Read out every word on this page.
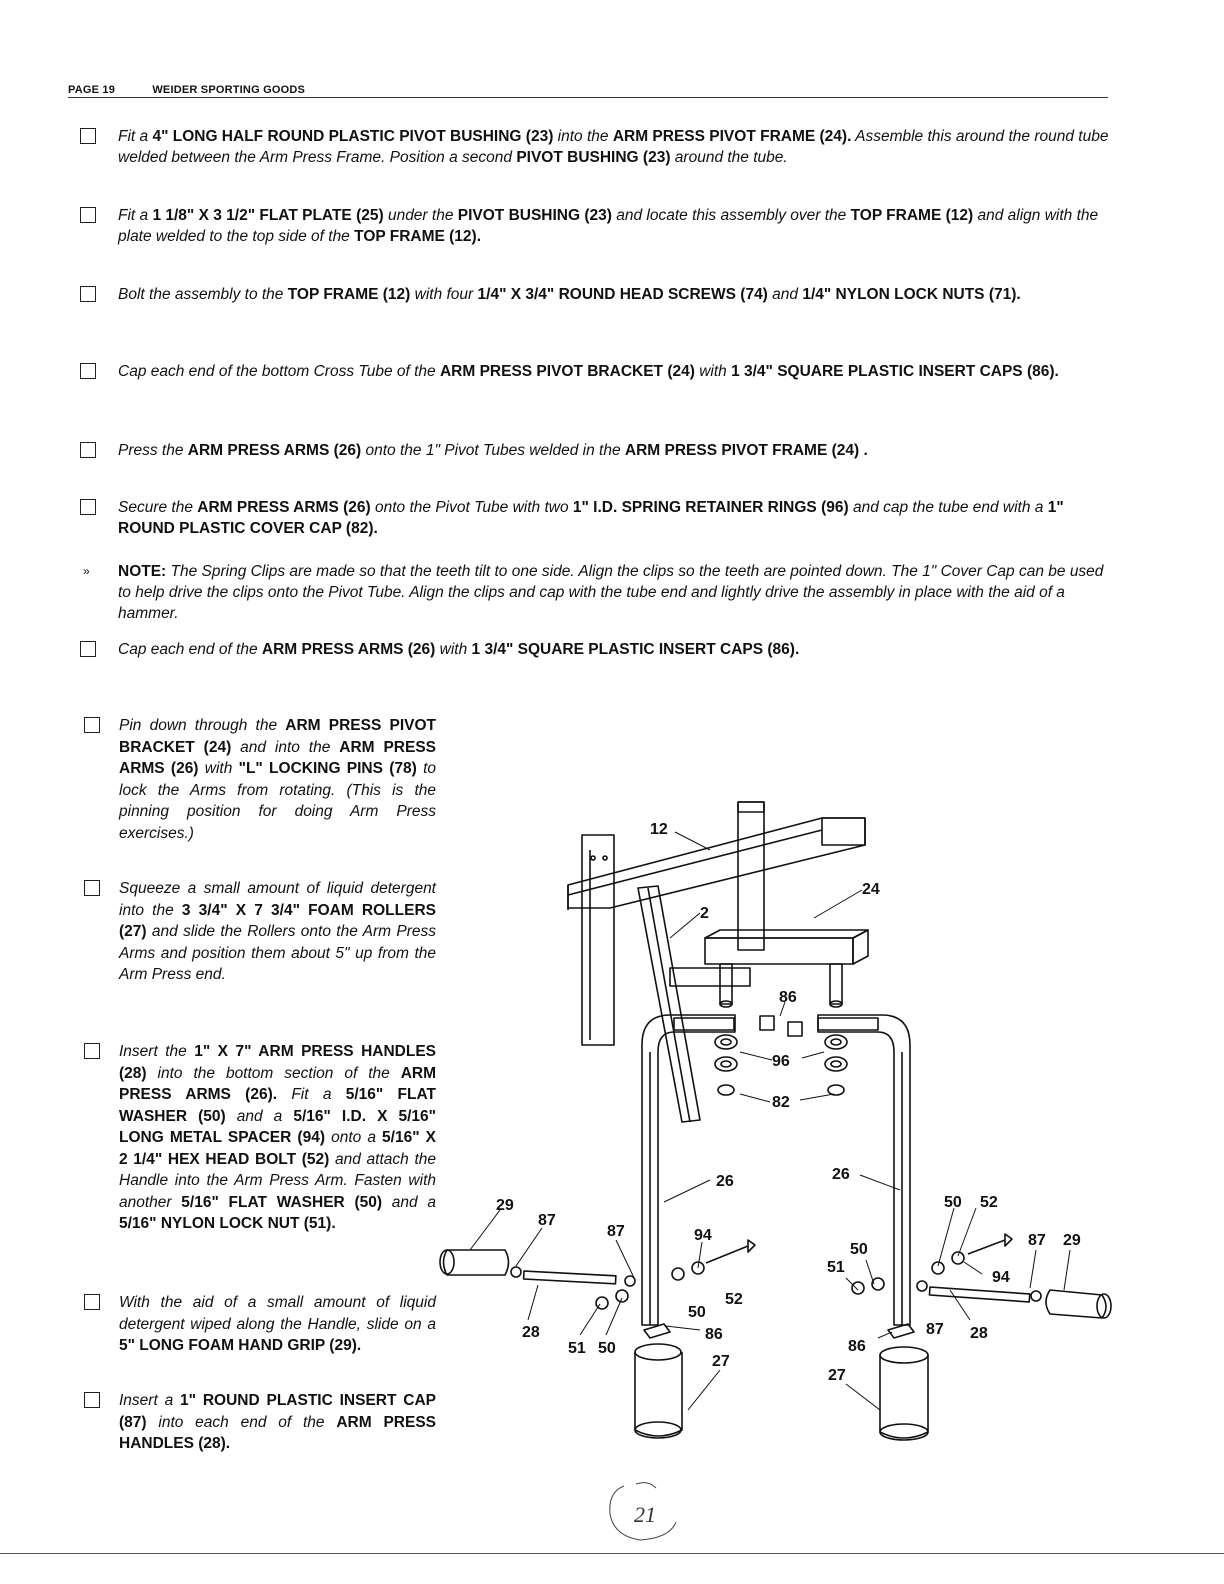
PAGE 19	WEIDER SPORTING GOODS
Fit a 4" LONG HALF ROUND PLASTIC PIVOT BUSHING (23) into the ARM PRESS PIVOT FRAME (24). Assemble this around the round tube welded between the Arm Press Frame. Position a second PIVOT BUSHING (23) around the tube.
Fit a 1 1/8" X 3 1/2" FLAT PLATE (25) under the PIVOT BUSHING (23) and locate this assembly over the TOP FRAME (12) and align with the plate welded to the top side of the TOP FRAME (12).
Bolt the assembly to the TOP FRAME (12) with four 1/4" X 3/4" ROUND HEAD SCREWS (74) and 1/4" NYLON LOCK NUTS (71).
Cap each end of the bottom Cross Tube of the ARM PRESS PIVOT BRACKET (24) with 1 3/4" SQUARE PLASTIC INSERT CAPS (86).
Press the ARM PRESS ARMS (26) onto the 1" Pivot Tubes welded in the ARM PRESS PIVOT FRAME (24) .
Secure the ARM PRESS ARMS (26) onto the Pivot Tube with two 1" I.D. SPRING RETAINER RINGS (96) and cap the tube end with a 1" ROUND PLASTIC COVER CAP (82).
» NOTE: The Spring Clips are made so that the teeth tilt to one side. Align the clips so the teeth are pointed down. The 1" Cover Cap can be used to help drive the clips onto the Pivot Tube. Align the clips and cap with the tube end and lightly drive the assembly in place with the aid of a hammer.
Cap each end of the ARM PRESS ARMS (26) with 1 3/4" SQUARE PLASTIC INSERT CAPS (86).
Pin down through the ARM PRESS PIVOT BRACKET (24) and into the ARM PRESS ARMS (26) with "L" LOCKING PINS (78) to lock the Arms from rotating. (This is the pinning position for doing Arm Press exercises.)
Squeeze a small amount of liquid detergent into the 3 3/4" X 7 3/4" FOAM ROLLERS (27) and slide the Rollers onto the Arm Press Arms and position them about 5" up from the Arm Press end.
Insert the 1" X 7" ARM PRESS HANDLES (28) into the bottom section of the ARM PRESS ARMS (26). Fit a 5/16" FLAT WASHER (50) and a 5/16" I.D. X 5/16" LONG METAL SPACER (94) onto a 5/16" X 2 1/4" HEX HEAD BOLT (52) and attach the Handle into the Arm Press Arm. Fasten with another 5/16" FLAT WASHER (50) and a 5/16" NYLON LOCK NUT (51).
With the aid of a small amount of liquid detergent wiped along the Handle, slide on a 5" LONG FOAM HAND GRIP (29).
Insert a 1" ROUND PLASTIC INSERT CAP (87) into each end of the ARM PRESS HANDLES (28).
12
24
2
86
96
82
26	26
29
87
87	94
28
51 50
50
52
86
27
50 52
87 29
50
51
94
87 28
86
27
21
